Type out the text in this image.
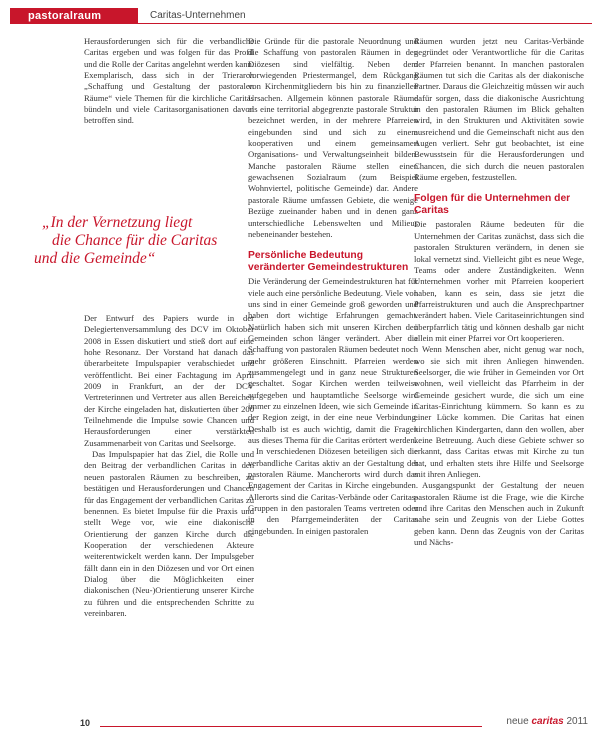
pastoralraum	Caritas-Unternehmen

Herausforderungen sich für die verbandliche Caritas ergeben und was folgen für das Profil und die Rolle der Caritas angelehnt werden kann. Exemplarisch, dass sich in der Trierarch „Schaffung und Gestaltung der pastoralen Räume“ viele Themen für die kirchliche Caritas bündeln und viele Caritasorganisationen davon betroffen sind.

„In der Vernetzung liegt
die Chance für die Caritas
und die Gemeinde“

Der Entwurf des Papiers wurde in der Delegiertenversammlung des DCV im Oktober 2008 in Essen diskutiert und stieß dort auf eine hohe Resonanz. Der Vorstand hat danach das überarbeitete Impulspapier verabschiedet und veröffentlicht. Bei einer Fachtagung im April 2009 in Frankfurt, an der der DCV Vertreterinnen und Vertreter aus allen Bereichen der Kirche eingeladen hat, diskutierten über 200 Teilnehmende die Impulse sowie Chancen und Herausforderungen einer verstärkten Zusammenarbeit von Caritas und Seelsorge.

Das Impulspapier hat das Ziel, die Rolle und den Beitrag der verbandlichen Caritas in den neuen pastoralen Räumen zu beschreiben, zu bestätigen und Herausforderungen und Chancen für das Engagement der verbandlichen Caritas zu benennen. Es bietet Impulse für die Praxis und stellt Wege vor, wie eine diakonische Orientierung der ganzen Kirche durch die Kooperation der verschiedenen Akteure weiterentwickelt werden kann. Der Impulsgeber fällt dann ein in den Diözesen und vor Ort einen Dialog über die Möglichkeiten einer diakonischen (Neu-)Orientierung unserer Kirche zu führen und die entsprechenden Schritte zu vereinbaren.

Die Gründe für die pastorale Neuordnung und die Schaffung von pastoralen Räumen in den Diözesen sind vielfältig. Neben dem vorwiegenden Priestermangel, dem Rückgang von Kirchenmitgliedern bis hin zu finanziellen Ursachen. Allgemein können pastorale Räume als eine territorial abgegrenzte pastorale Struktur bezeichnet werden, in der mehrere Pfarreien eingebunden sind und sich zu einem kooperativen und einem gemeinsamen Organisations- und Verwaltungseinheit bilden. Manche pastoralen Räume stellen einen gewachsenen Sozialraum (zum Beispiel Wohnviertel, politische Gemeinde) dar. Andere pastorale Räume umfassen Gebiete, die wenige Bezüge zueinander haben und in denen ganz unterschiedliche Lebenswelten und Milieus nebeneinander bestehen.

Persönliche Bedeutung veränderter Gemeindestrukturen

Die Veränderung der Gemeindestrukturen hat für viele auch eine persönliche Bedeutung. Viele von uns sind in einer Gemeinde groß geworden und haben dort wichtige Erfahrungen gemacht. Natürlich haben sich mit unseren Kirchen den Gemeinden schon länger verändert. Aber die Schaffung von pastoralen Räumen bedeutet noch mehr größeren Einschnitt. Pfarreien werden zusammengelegt und in ganz neue Strukturen geschaltet. Sogar Kirchen werden teilweise aufgegeben und hauptamtliche Seelsorge wird immer zu einzelnen Ideen, wie sich Gemeinde in der Region zeigt, in der eine neue Verbindung. Deshalb ist es auch wichtig, damit die Fragen aus dieses Thema für die Caritas erörtert werden.

In verschiedenen Diözesen beteiligen sich die verbandliche Caritas aktiv an der Gestaltung der pastoralen Räume. Mancherorts wird durch das Engagement der Caritas in Kirche eingebunden. Allerorts sind die Caritas-Verbände oder Caritas-Gruppen in den pastoralen Teams vertreten oder in den Pfarrgemeinderäten der Caritas eingebunden. In einigen pastoralen

Räumen wurden jetzt neu Caritas-Verbände gegründet oder Verantwortliche für die Caritas der Pfarreien benannt. In manchen pastoralen Räumen tut sich die Caritas als der diakonische Partner. Daraus die Gleichzeitig müssen wir auch dafür sorgen, dass die diakonische Ausrichtung in den pastoralen Räumen im Blick gehalten wird, in den Strukturen und Aktivitäten sowie ausreichend und die Gemeinschaft nicht aus den Augen verliert. Sehr gut beobachtet, ist eine Bewusstsein für die Herausforderungen und Chancen, die sich durch die neuen pastoralen Räume ergeben, festzustellen.

Folgen für die Unternehmen der Caritas

Die pastoralen Räume bedeuten für die Unternehmen der Caritas zunächst, dass sich die pastoralen Strukturen verändern, in denen sie lokal vernetzt sind. Vielleicht gibt es neue Wege, Teams oder andere Zuständigkeiten. Wenn Unternehmen vorher mit Pfarreien kooperiert haben, kann es sein, dass sie jetzt die Pfarreistrukturen und auch die Ansprechpartner verändert haben. Viele Caritaseinrichtungen sind überpfarrlich tätig und können deshalb gar nicht allein mit einer Pfarrei vor Ort kooperieren.

Wenn Menschen aber, nicht genug war noch, wo sie sich mit ihren Anliegen hinwenden. Seelsorger, die wie früher in Gemeinden vor Ort wohnen, weil vielleicht das Pfarrheim in der Gemeinde gesichert wurde, die sich um eine Caritas-Einrichtung kümmern. So kann es zu einer Lücke kommen. Die Caritas hat einen kirchlichen Kindergarten, dann den wollen, aber keine Betreuung. Auch diese Gebiete schwer so erkannt, dass Caritas etwas mit Kirche zu tun hat, und erhalten stets ihre Hilfe und Seelsorge mit ihren Anliegen.

Ausgangspunkt der Gestaltung der neuen pastoralen Räume ist die Frage, wie die Kirche und ihre Caritas den Menschen auch in Zukunft nahe sein und Zeugnis von der Liebe Gottes geben kann. Denn das Zeugnis von der Caritas und Nächs-

10	neue caritas 2011
